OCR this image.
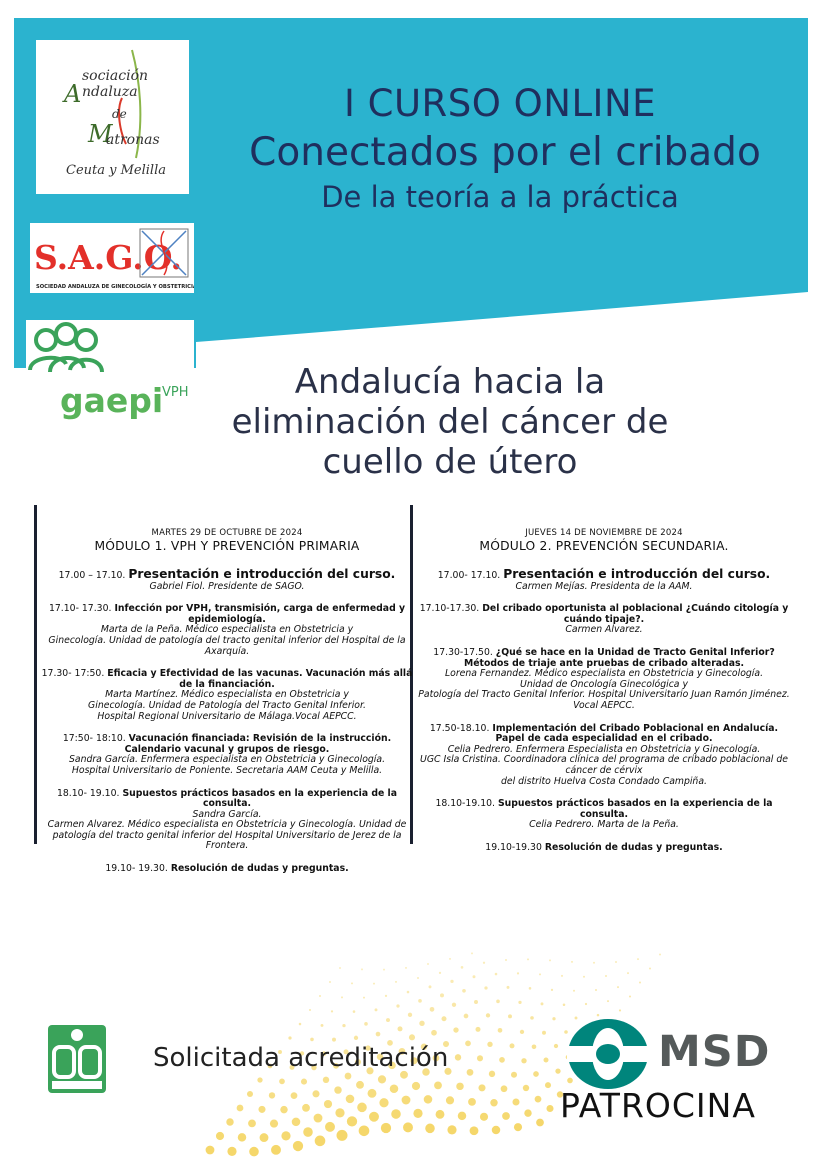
A
sociación
ndaluza
de
M
atronas
Ceuta y Melilla
S.A.G.O.
SOCIEDAD ANDALUZA DE GINECOLOGÍA Y OBSTETRICIA
gaepi
VPH
I CURSO ONLINE
Conectados por el cribado
De la teoría a la práctica
Andalucía hacia la
eliminación del cáncer de
cuello de útero
MARTES 29 DE OCTUBRE DE 2024
MÓDULO 1. VPH Y PREVENCIÓN PRIMARIA
17.00 – 17.10. Presentación e introducción del curso.
Gabriel Fiol. Presidente de SAGO.
17.10- 17.30. Infección por VPH, transmisión, carga de enfermedad y epidemiología.
Marta de la Peña. Médico especialista en Obstetricia y
Ginecología. Unidad de patología del tracto genital inferior del Hospital de la
Axarquía.
17.30- 17:50. Eficacia y Efectividad de las vacunas. Vacunación más allá de la financiación.
Marta Martínez. Médico especialista en Obstetricia y
Ginecología. Unidad de Patología del Tracto Genital Inferior.
Hospital Regional Universitario de Málaga.Vocal AEPCC.
17:50- 18:10. Vacunación financiada: Revisión de la instrucción. Calendario vacunal y grupos de riesgo.
Sandra García. Enfermera especialista en Obstetricia y Ginecología.
Hospital Universitario de Poniente. Secretaria AAM Ceuta y Melilla.
18.10- 19.10. Supuestos prácticos basados en la experiencia de la consulta.
Sandra García.
Carmen Alvarez. Médico especialista en Obstetricia y Ginecología. Unidad de
patología del tracto genital inferior del Hospital Universitario de Jerez de la
Frontera.
19.10- 19.30. Resolución de dudas y preguntas.
JUEVES 14 DE NOVIEMBRE DE 2024
MÓDULO 2. PREVENCIÓN SECUNDARIA.
17.00- 17.10. Presentación e introducción del curso.
Carmen Mejías. Presidenta de la AAM.
17.10-17.30. Del cribado oportunista al poblacional ¿Cuándo citología y cuándo tipaje?.
Carmen Alvarez.
17.30-17.50. ¿Qué se hace en la Unidad de Tracto Genital Inferior? Métodos de triaje ante pruebas de cribado alteradas.
Lorena Fernandez. Médico especialista en Obstetricia y Ginecología.
Unidad de Oncología Ginecológica y
Patología del Tracto Genital Inferior. Hospital Universitario Juan Ramón Jiménez.
Vocal AEPCC.
17.50-18.10. Implementación del Cribado Poblacional en Andalucía. Papel de cada especialidad en el cribado.
Celia Pedrero. Enfermera Especialista en Obstetricia y Ginecología.
UGC Isla Cristina. Coordinadora clínica del programa de cribado poblacional de
cáncer de cérvix
del distrito Huelva Costa Condado Campiña.
18.10-19.10. Supuestos prácticos basados en la experiencia de la consulta.
Celia Pedrero. Marta de la Peña.
19.10-19.30 Resolución de dudas y preguntas.
Solicitada acreditación	MSD
PATROCINA
